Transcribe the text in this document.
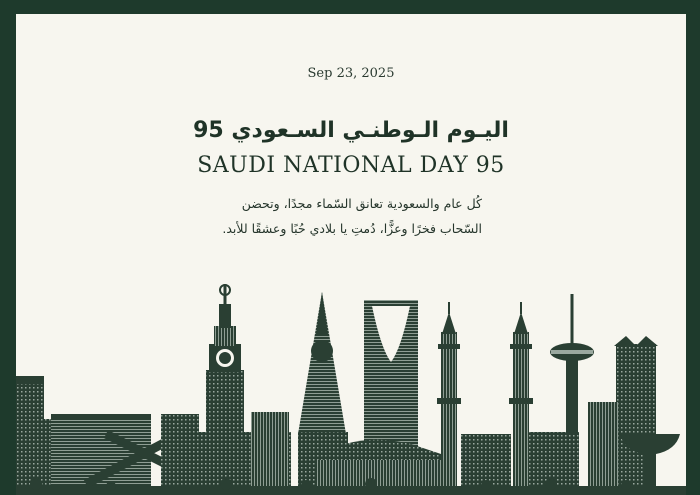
Sep 23, 2025
اليـوم الـوطنـي السـعودي 95
SAUDI NATIONAL DAY 95
كُل عام والسعودية تعانق السّماء مجدًا، وتحضن
السّحاب فخرًا وعزًّا، دُمتِ يا بلادي حُبًا وعشقًا للأبد.
